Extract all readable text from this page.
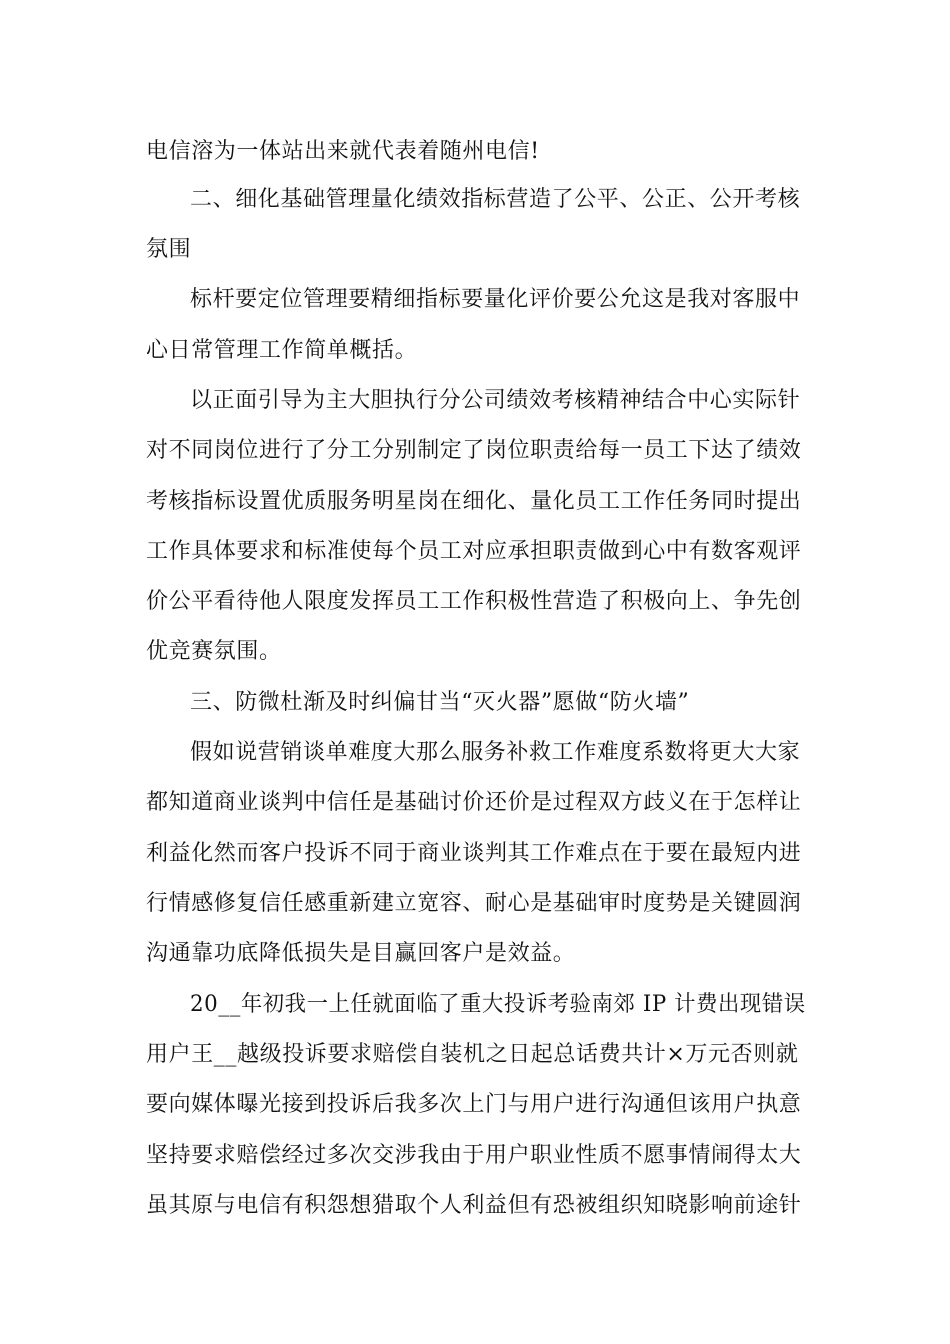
电信溶为一体站出来就代表着随州电信!
二、细化基础管理量化绩效指标营造了公平、公正、公开考核
氛围
标杆要定位管理要精细指标要量化评价要公允这是我对客服中
心日常管理工作简单概括。
以正面引导为主大胆执行分公司绩效考核精神结合中心实际针
对不同岗位进行了分工分别制定了岗位职责给每一员工下达了绩效
考核指标设置优质服务明星岗在细化、量化员工工作任务同时提出
工作具体要求和标准使每个员工对应承担职责做到心中有数客观评
价公平看待他人限度发挥员工工作积极性营造了积极向上、争先创
优竞赛氛围。
三、防微杜渐及时纠偏甘当“灭火器”愿做“防火墙”
假如说营销谈单难度大那么服务补救工作难度系数将更大大家
都知道商业谈判中信任是基础讨价还价是过程双方歧义在于怎样让
利益化然而客户投诉不同于商业谈判其工作难点在于要在最短内进
行情感修复信任感重新建立宽容、耐心是基础审时度势是关键圆润
沟通靠功底降低损失是目赢回客户是效益。
20__年初我一上任就面临了重大投诉考验南郊 IP 计费出现错误
用户王__越级投诉要求赔偿自装机之日起总话费共计×万元否则就
要向媒体曝光接到投诉后我多次上门与用户进行沟通但该用户执意
坚持要求赔偿经过多次交涉我由于用户职业性质不愿事情闹得太大
虽其原与电信有积怨想猎取个人利益但有恐被组织知晓影响前途针
